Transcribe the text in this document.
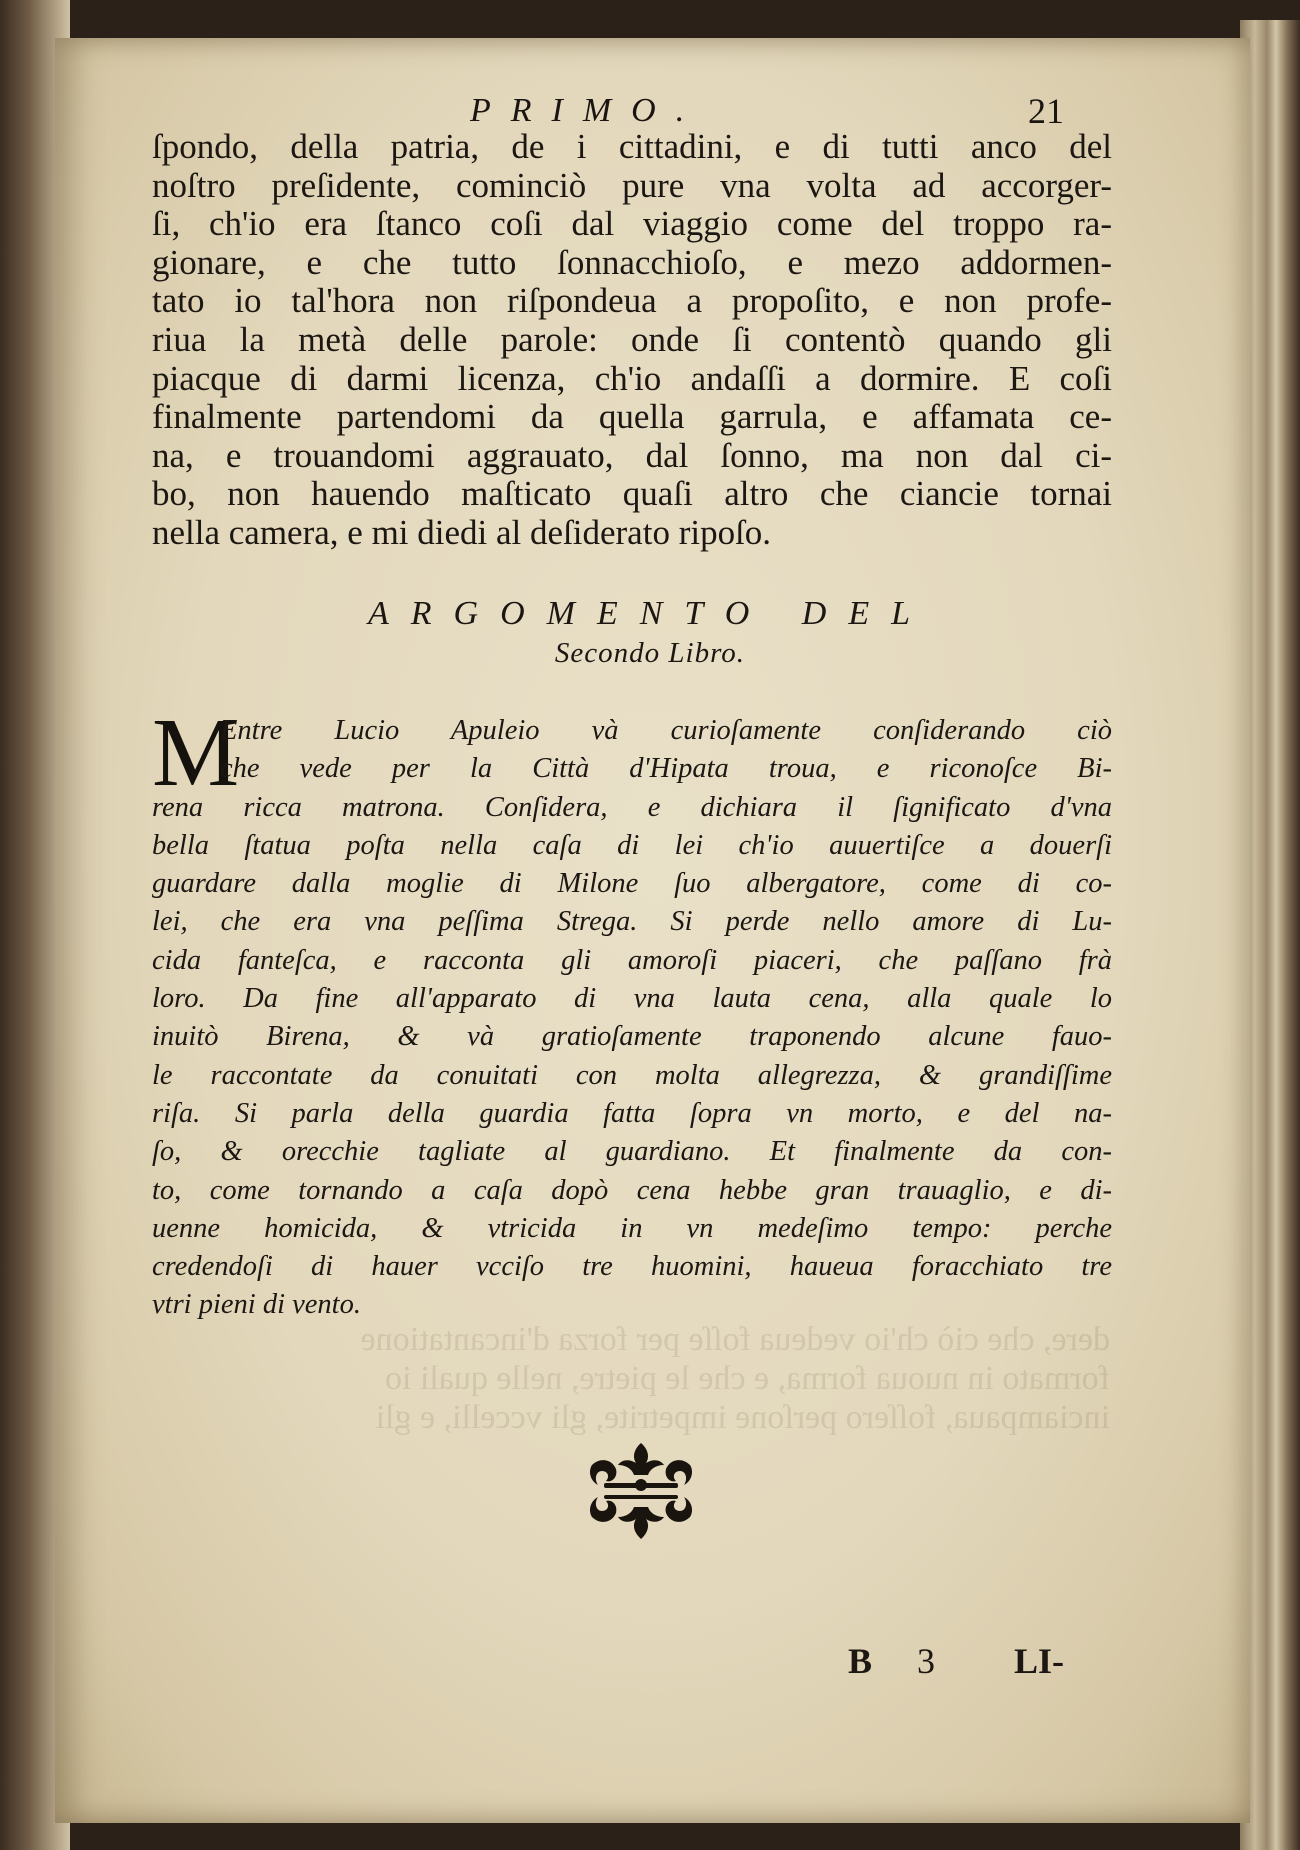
dere, che ciò ch'io vedeua foſſe per forza d'incantatione
formato in nuoua forma, e che le pietre, nelle quali io
inciampaua, foſſero perſone impetrite, gli vccelli, e gli
PRIMO.	21
ſpondo, della patria, de i cittadini, e di tutti anco del
noſtro preſidente, cominciò pure vna volta ad accorger-
ſi, ch'io era ſtanco coſi dal viaggio come del troppo ra-
gionare, e che tutto ſonnacchioſo, e mezo addormen-
tato io tal'hora non riſpondeua a propoſito, e non profe-
riua la metà delle parole: onde ſi contentò quando gli
piacque di darmi licenza, ch'io andaſſi a dormire. E coſi
finalmente partendomi da quella garrula, e affamata ce-
na, e trouandomi aggrauato, dal ſonno, ma non dal ci-
bo, non hauendo maſticato quaſi altro che ciancie tornai
nella camera, e mi diedi al deſiderato ripoſo.
ARGOMENTO DEL
Secondo Libro.
M
Entre Lucio Apuleio và curioſamente conſiderando ciò
che vede per la Città d'Hipata troua, e riconoſce Bi-
rena ricca matrona. Conſidera, e dichiara il ſignificato d'vna
bella ſtatua poſta nella caſa di lei ch'io auuertiſce a douerſi
guardare dalla moglie di Milone ſuo albergatore, come di co-
lei, che era vna peſſima Strega. Si perde nello amore di Lu-
cida fanteſca, e racconta gli amoroſi piaceri, che paſſano frà
loro. Da fine all'apparato di vna lauta cena, alla quale lo
inuitò Birena, & và gratioſamente traponendo alcune fauo-
le raccontate da conuitati con molta allegrezza, & grandiſſime
riſa. Si parla della guardia fatta ſopra vn morto, e del na-
ſo, & orecchie tagliate al guardiano. Et finalmente da con-
to, come tornando a caſa dopò cena hebbe gran trauaglio, e di-
uenne homicida, & vtricida in vn medeſimo tempo: perche
credendoſi di hauer vcciſo tre huomini, haueua foracchiato tre
vtri pieni di vento.
B 3 LI-
